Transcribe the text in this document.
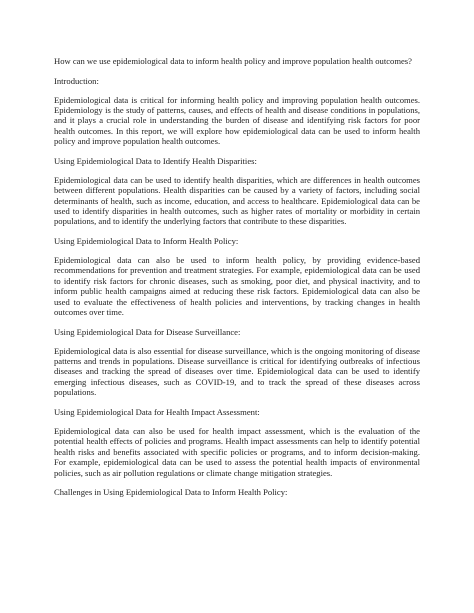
How can we use epidemiological data to inform health policy and improve population health outcomes?

Introduction:

Epidemiological data is critical for informing health policy and improving population health outcomes. Epidemiology is the study of patterns, causes, and effects of health and disease conditions in populations, and it plays a crucial role in understanding the burden of disease and identifying risk factors for poor health outcomes. In this report, we will explore how epidemiological data can be used to inform health policy and improve population health outcomes.

Using Epidemiological Data to Identify Health Disparities:

Epidemiological data can be used to identify health disparities, which are differences in health outcomes between different populations. Health disparities can be caused by a variety of factors, including social determinants of health, such as income, education, and access to healthcare. Epidemiological data can be used to identify disparities in health outcomes, such as higher rates of mortality or morbidity in certain populations, and to identify the underlying factors that contribute to these disparities.

Using Epidemiological Data to Inform Health Policy:

Epidemiological data can also be used to inform health policy, by providing evidence-based recommendations for prevention and treatment strategies. For example, epidemiological data can be used to identify risk factors for chronic diseases, such as smoking, poor diet, and physical inactivity, and to inform public health campaigns aimed at reducing these risk factors. Epidemiological data can also be used to evaluate the effectiveness of health policies and interventions, by tracking changes in health outcomes over time.

Using Epidemiological Data for Disease Surveillance:

Epidemiological data is also essential for disease surveillance, which is the ongoing monitoring of disease patterns and trends in populations. Disease surveillance is critical for identifying outbreaks of infectious diseases and tracking the spread of diseases over time. Epidemiological data can be used to identify emerging infectious diseases, such as COVID-19, and to track the spread of these diseases across populations.

Using Epidemiological Data for Health Impact Assessment:

Epidemiological data can also be used for health impact assessment, which is the evaluation of the potential health effects of policies and programs. Health impact assessments can help to identify potential health risks and benefits associated with specific policies or programs, and to inform decision-making. For example, epidemiological data can be used to assess the potential health impacts of environmental policies, such as air pollution regulations or climate change mitigation strategies.

Challenges in Using Epidemiological Data to Inform Health Policy:
